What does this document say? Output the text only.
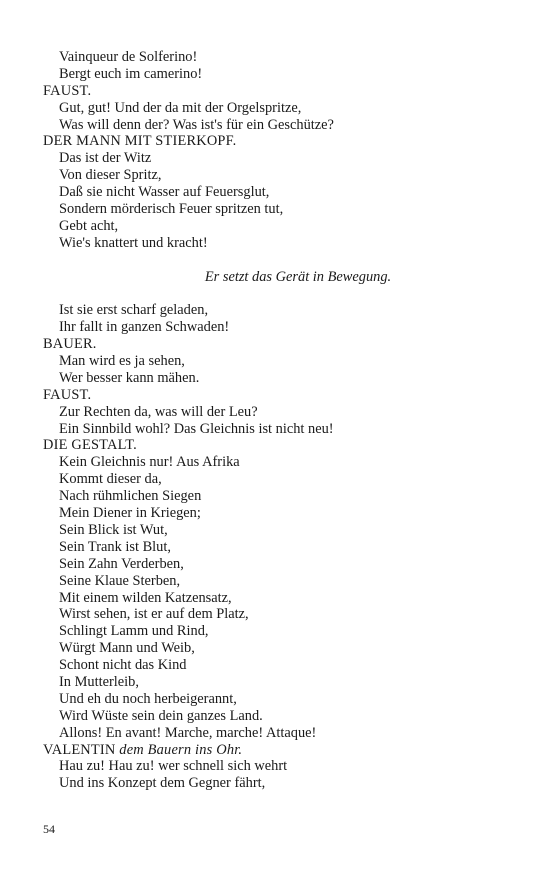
Vainqueur de Solferino!
Bergt euch im camerino!
FAUST.
Gut, gut! Und der da mit der Orgelspritze,
Was will denn der? Was ist's für ein Geschütze?
DER MANN MIT STIERKOPF.
Das ist der Witz
Von dieser Spritz,
Daß sie nicht Wasser auf Feuersglut,
Sondern mörderisch Feuer spritzen tut,
Gebt acht,
Wie's knattert und kracht!
Er setzt das Gerät in Bewegung.
Ist sie erst scharf geladen,
Ihr fallt in ganzen Schwaden!
BAUER.
Man wird es ja sehen,
Wer besser kann mähen.
FAUST.
Zur Rechten da, was will der Leu?
Ein Sinnbild wohl? Das Gleichnis ist nicht neu!
DIE GESTALT.
Kein Gleichnis nur! Aus Afrika
Kommt dieser da,
Nach rühmlichen Siegen
Mein Diener in Kriegen;
Sein Blick ist Wut,
Sein Trank ist Blut,
Sein Zahn Verderben,
Seine Klaue Sterben,
Mit einem wilden Katzensatz,
Wirst sehen, ist er auf dem Platz,
Schlingt Lamm und Rind,
Würgt Mann und Weib,
Schont nicht das Kind
In Mutterleib,
Und eh du noch herbeigerannt,
Wird Wüste sein dein ganzes Land.
Allons! En avant! Marche, marche! Attaque!
VALENTIN dem Bauern ins Ohr.
Hau zu! Hau zu! wer schnell sich wehrt
Und ins Konzept dem Gegner fährt,
54
